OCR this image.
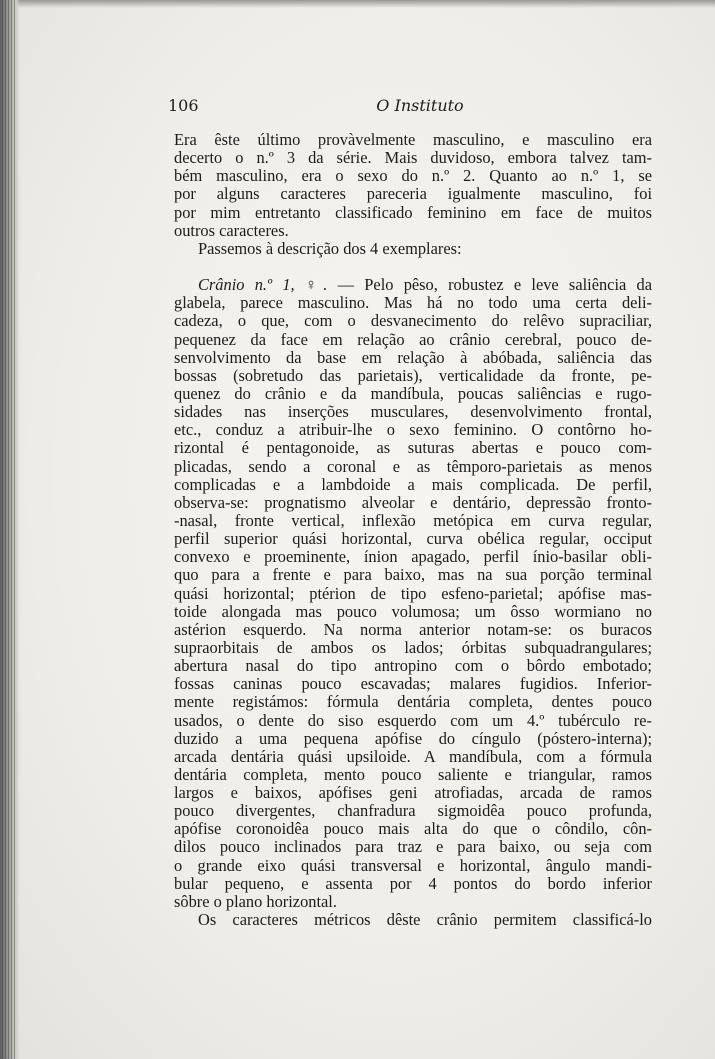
106	O Instituto
Era êste último provàvelmente masculino, e masculino era
decerto o n.º 3 da série. Mais duvidoso, embora talvez tam-
bém masculino, era o sexo do n.º 2. Quanto ao n.º 1, se
por alguns caracteres pareceria igualmente masculino, foi
por mim entretanto classificado feminino em face de muitos
outros caracteres.
Passemos à descrição dos 4 exemplares:
Crânio n.º 1, ♀. — Pelo pêso, robustez e leve saliência da
glabela, parece masculino. Mas há no todo uma certa deli-
cadeza, o que, com o desvanecimento do relêvo supraciliar,
pequenez da face em relação ao crânio cerebral, pouco de-
senvolvimento da base em relação à abóbada, saliência das
bossas (sobretudo das parietais), verticalidade da fronte, pe-
quenez do crânio e da mandíbula, poucas saliências e rugo-
sidades nas inserções musculares, desenvolvimento frontal,
etc., conduz a atribuir-lhe o sexo feminino. O contôrno ho-
rizontal é pentagonoide, as suturas abertas e pouco com-
plicadas, sendo a coronal e as têmporo-parietais as menos
complicadas e a lambdoide a mais complicada. De perfil,
observa-se: prognatismo alveolar e dentário, depressão fronto-
-nasal, fronte vertical, inflexão metópica em curva regular,
perfil superior quási horizontal, curva obélica regular, occiput
convexo e proeminente, ínion apagado, perfil ínio-basilar obli-
quo para a frente e para baixo, mas na sua porção terminal
quási horizontal; ptérion de tipo esfeno-parietal; apófise mas-
toide alongada mas pouco volumosa; um ôsso wormiano no
astérion esquerdo. Na norma anterior notam-se: os buracos
supraorbitais de ambos os lados; órbitas subquadrangulares;
abertura nasal do tipo antropino com o bôrdo embotado;
fossas caninas pouco escavadas; malares fugidios. Inferior-
mente registámos: fórmula dentária completa, dentes pouco
usados, o dente do siso esquerdo com um 4.º tubérculo re-
duzido a uma pequena apófise do cíngulo (póstero-interna);
arcada dentária quási upsiloide. A mandíbula, com a fórmula
dentária completa, mento pouco saliente e triangular, ramos
largos e baixos, apófises geni atrofiadas, arcada de ramos
pouco divergentes, chanfradura sigmoidêa pouco profunda,
apófise coronoidêa pouco mais alta do que o côndilo, côn-
dilos pouco inclinados para traz e para baixo, ou seja com
o grande eixo quási transversal e horizontal, ângulo mandi-
bular pequeno, e assenta por 4 pontos do bordo inferior
sôbre o plano horizontal.
Os caracteres métricos dêste crânio permitem classificá-lo
